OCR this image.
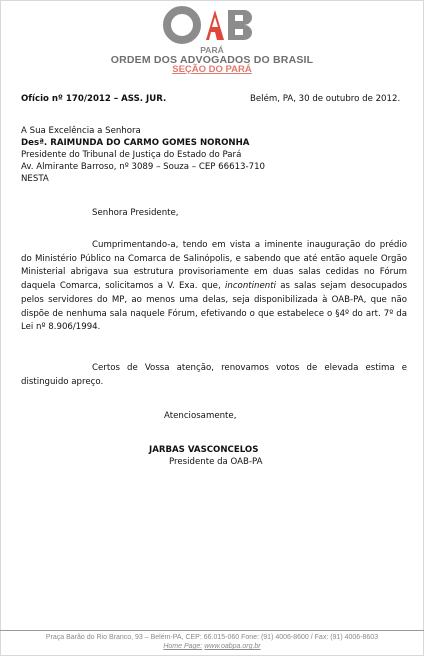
PARÁ
ORDEM DOS ADVOGADOS DO BRASIL
SEÇÃO DO PARÁ
Ofício nº 170/2012 – ASS. JUR.	Belém, PA, 30 de outubro de 2012.
A Sua Excelência a Senhora
Desª. RAIMUNDA DO CARMO GOMES NORONHA
Presidente do Tribunal de Justiça do Estado do Pará
Av. Almirante Barroso, nº 3089 – Souza – CEP 66613-710
NESTA
Senhora Presidente,
Cumprimentando-a, tendo em vista a iminente inauguração do prédio do Ministério Público na Comarca de Salinópolis, e sabendo que até então aquele Orgão Ministerial abrigava sua estrutura provisoriamente em duas salas cedidas no Fórum daquela Comarca, solicitamos a V. Exa. que, incontinenti as salas sejam desocupados pelos servidores do MP, ao menos uma delas, seja disponibilizada à OAB-PA, que não dispõe de nenhuma sala naquele Fórum, efetivando o que estabelece o §4º do art. 7º da Lei nº 8.906/1994.
Certos de Vossa atenção, renovamos votos de elevada estima e distinguido apreço.
Atenciosamente,
JARBAS VASCONCELOS
Presidente da OAB-PA
Praça Barão do Rio Branco, 93 – Belém-PA, CEP: 66.015-060 Fone: (91) 4006-8600 / Fax: (91) 4006-8603
Home Page: www.oabpa.org.br
